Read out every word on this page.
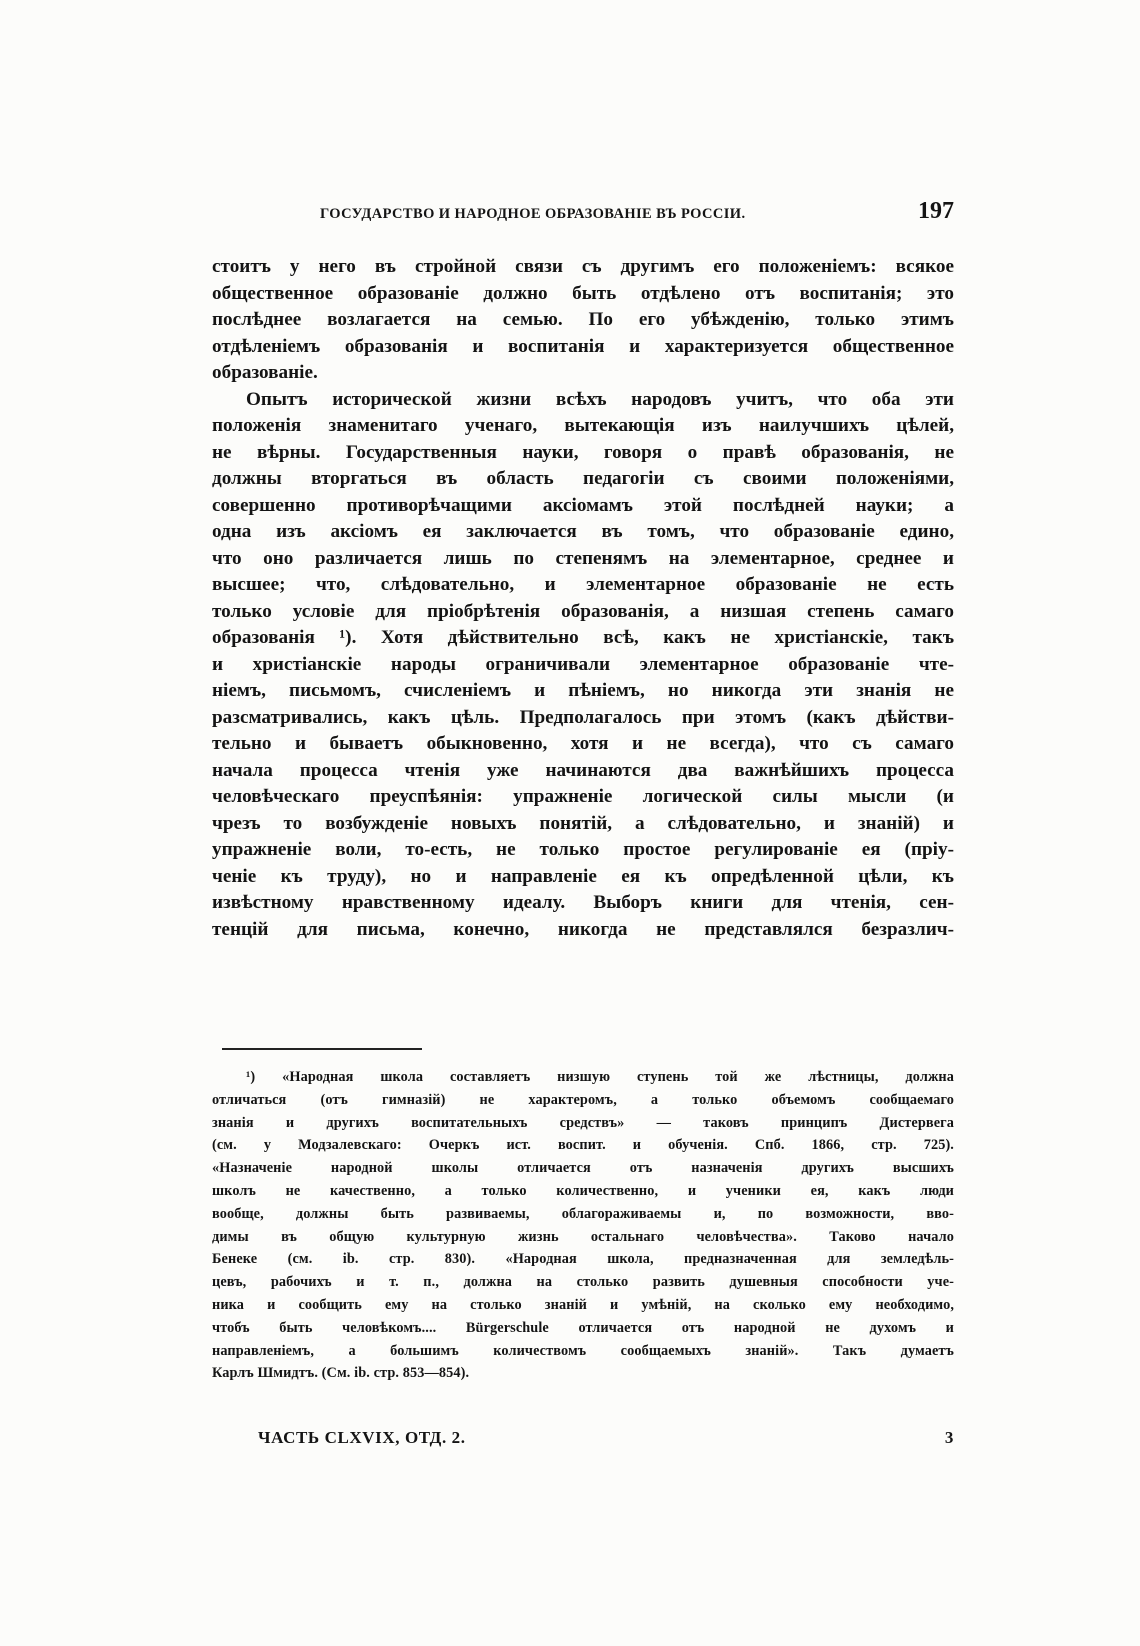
ГОСУДАРСТВО И НАРОДНОЕ ОБРАЗОВАНІЕ ВЪ РОССІИ.	197
стоитъ у него въ стройной связи съ другимъ его положеніемъ: всякое
общественное образованіе должно быть отдѣлено отъ воспитанія; это
послѣднее возлагается на семью. По его убѣжденію, только этимъ
отдѣленіемъ образованія и воспитанія и характеризуется общественное
образованіе.
Опытъ исторической жизни всѣхъ народовъ учитъ, что оба эти
положенія знаменитаго ученаго, вытекающія изъ наилучшихъ цѣлей,
не вѣрны. Государственныя науки, говоря о правѣ образованія, не
должны вторгаться въ область педагогіи съ своими положеніями,
совершенно противорѣчащими аксіомамъ этой послѣдней науки; а
одна изъ аксіомъ ея заключается въ томъ, что образованіе едино,
что оно различается лишь по степенямъ на элементарное, среднее и
высшее; что, слѣдовательно, и элементарное образованіе не есть
только условіе для пріобрѣтенія образованія, а низшая степень самаго
образованія ¹). Хотя дѣйствительно всѣ, какъ не христіанскіе, такъ
и христіанскіе народы ограничивали элементарное образованіе чте-
ніемъ, письмомъ, счисленіемъ и пѣніемъ, но никогда эти знанія не
разсматривались, какъ цѣль. Предполагалось при этомъ (какъ дѣйстви-
тельно и бываетъ обыкновенно, хотя и не всегда), что съ самаго
начала процесса чтенія уже начинаются два важнѣйшихъ процесса
человѣческаго преуспѣянія: упражненіе логической силы мысли (и
чрезъ то возбужденіе новыхъ понятій, а слѣдовательно, и знаній) и
упражненіе воли, то-есть, не только простое регулированіе ея (пріу-
ченіе къ труду), но и направленіе ея къ опредѣленной цѣли, къ
извѣстному нравственному идеалу. Выборъ книги для чтенія, сен-
тенцій для письма, конечно, никогда не представлялся безразлич-
¹) «Народная школа составляетъ низшую ступень той же лѣстницы, должна
отличаться (отъ гимназій) не характеромъ, а только объемомъ сообщаемаго
знанія и другихъ воспитательныхъ средствъ» — таковъ принципъ Дистервега
(см. у Модзалевскаго: Очеркъ ист. воспит. и обученія. Спб. 1866, стр. 725).
«Назначеніе народной школы отличается отъ назначенія другихъ высшихъ
школъ не качественно, а только количественно, и ученики ея, какъ люди
вообще, должны быть развиваемы, облагораживаемы и, по возможности, вво-
димы въ общую культурную жизнь остальнаго человѣчества». Таково начало
Бенеке (см. ib. стр. 830). «Народная школа, предназначенная для земледѣль-
цевъ, рабочихъ и т. п., должна на столько развить душевныя способности уче-
ника и сообщить ему на столько знаній и умѣній, на сколько ему необходимо,
чтобъ быть человѣкомъ.... Bürgerschule отличается отъ народной не духомъ и
направленіемъ, а большимъ количествомъ сообщаемыхъ знаній». Такъ думаетъ
Карлъ Шмидтъ. (См. ib. стр. 853—854).
ЧАСТЬ CLXVIX, ОТД. 2.	3
